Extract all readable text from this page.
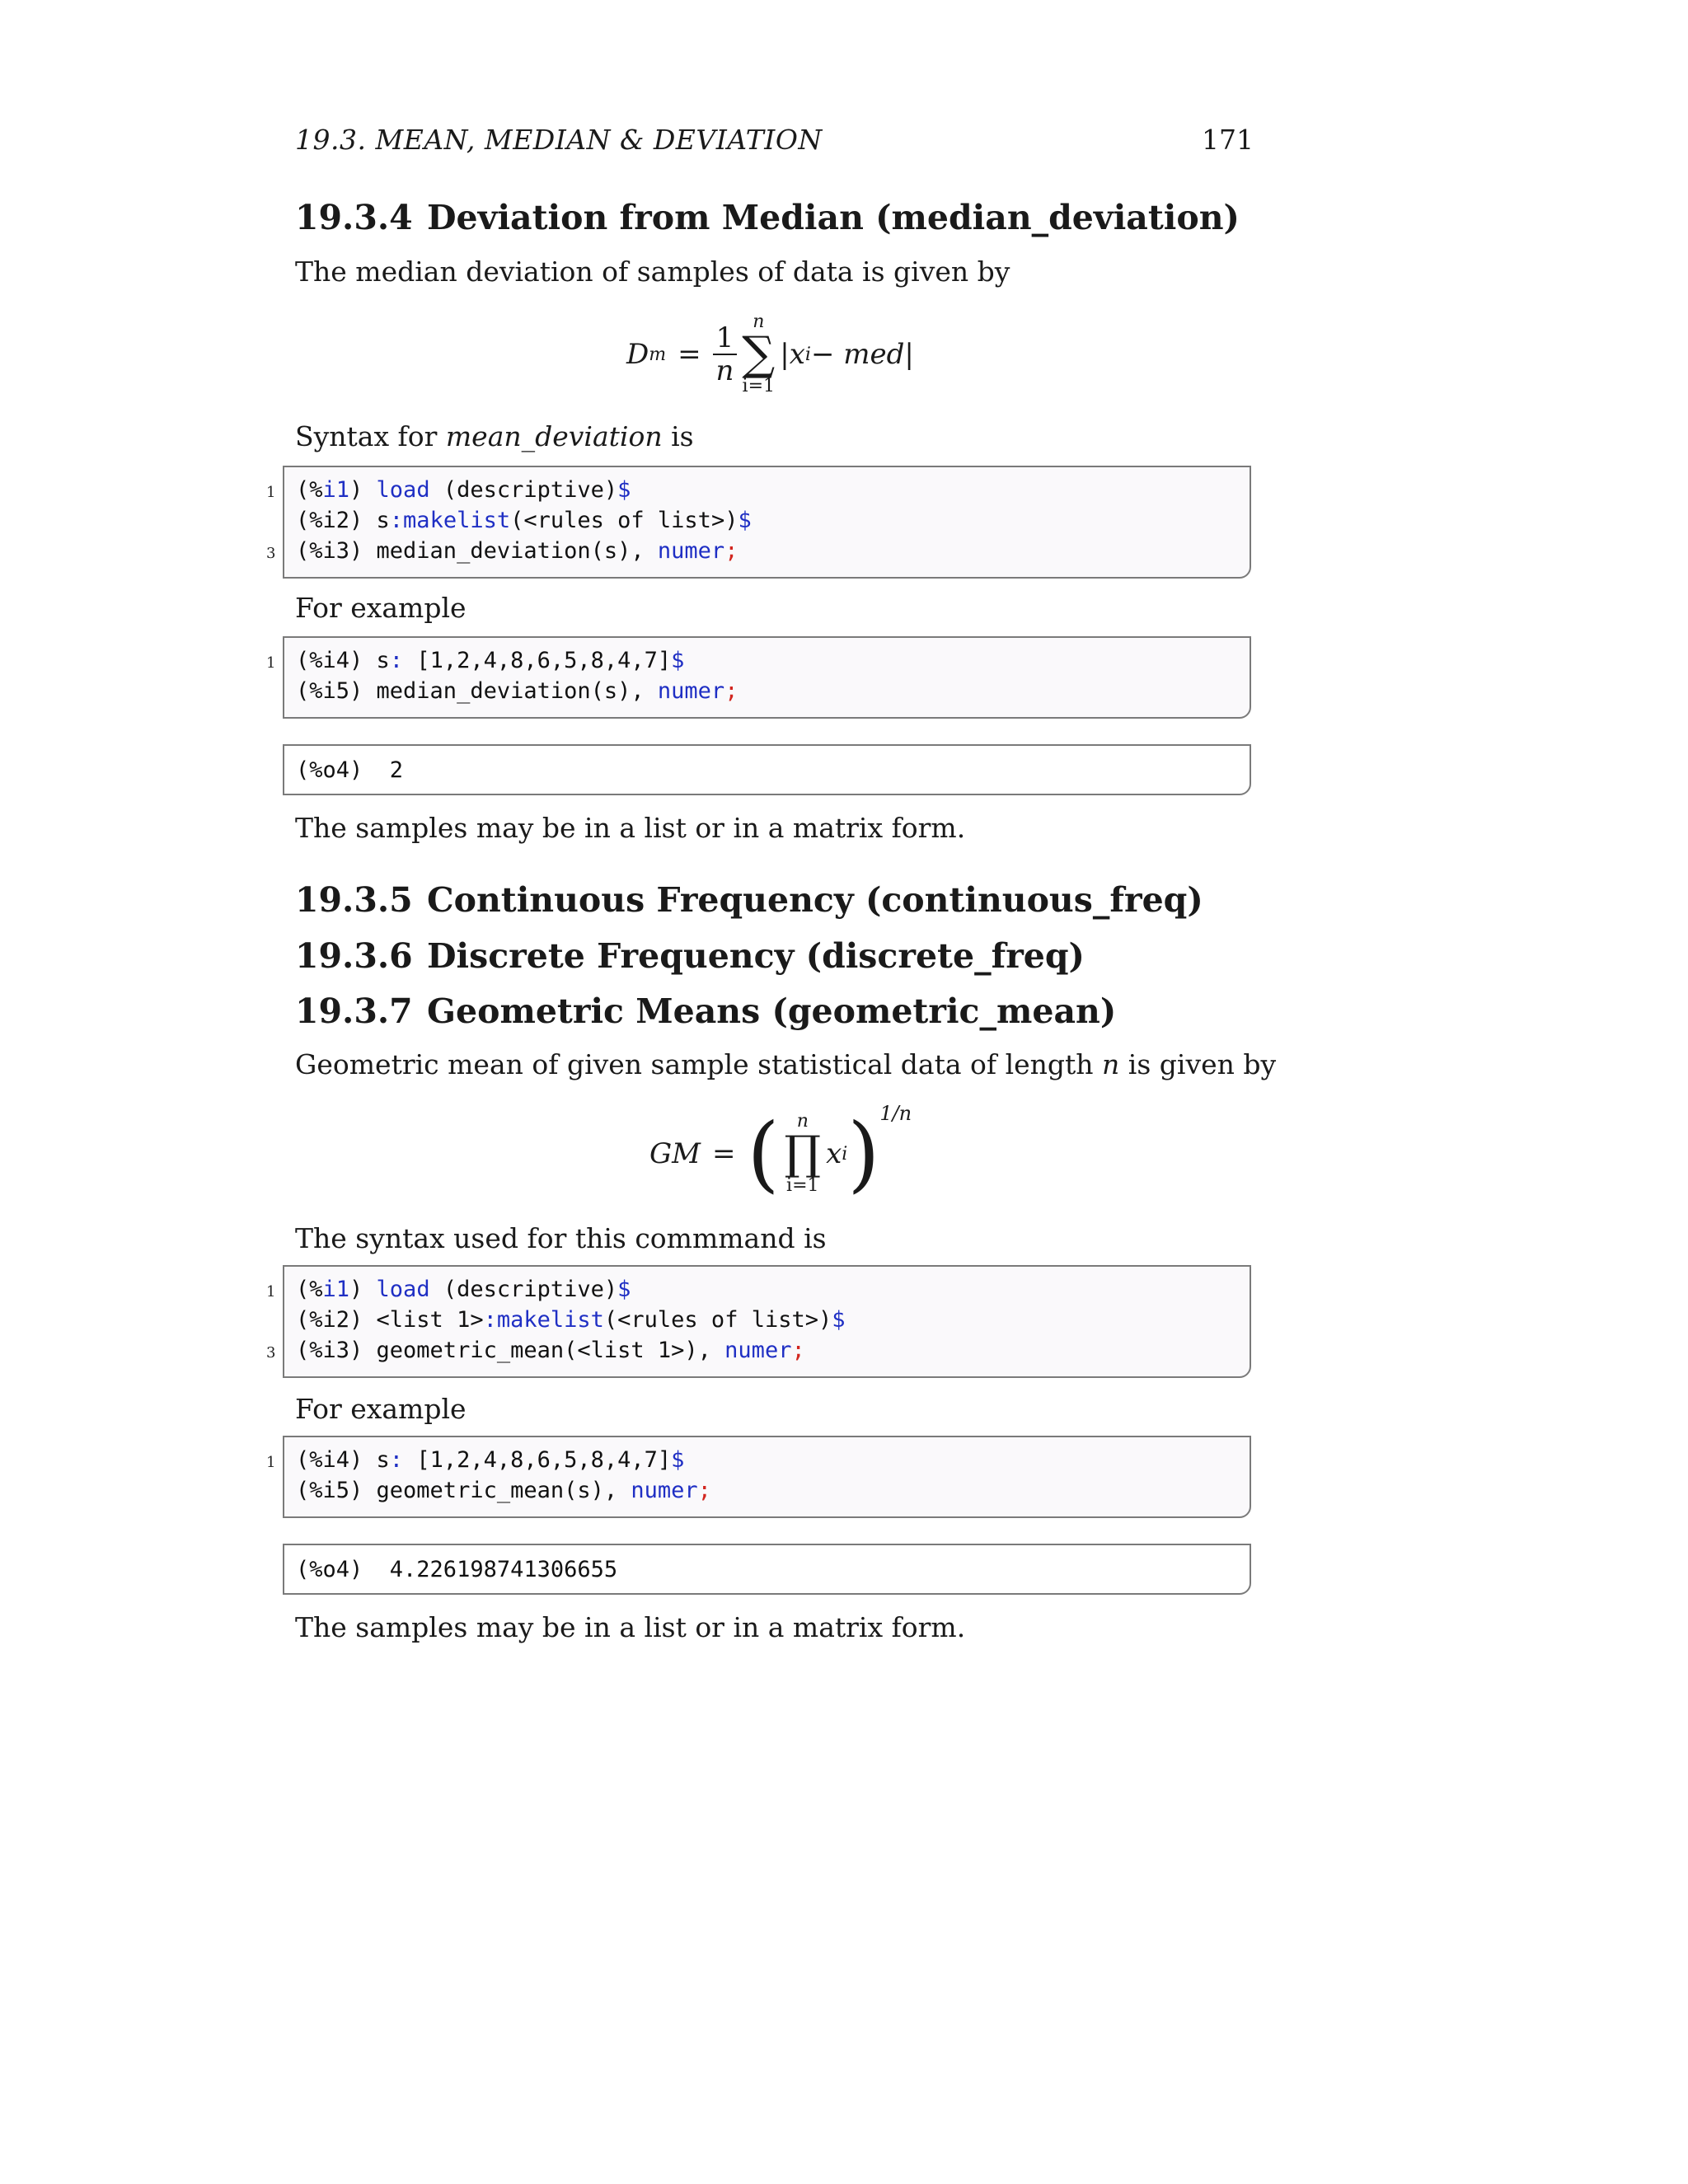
19.3. MEAN, MEDIAN & DEVIATION	171
19.3.4 Deviation from Median (median_deviation)
The median deviation of samples of data is given by
D $m = \frac{1}{n}$
n
∑
i=1
|x i − med|
Syntax for mean_deviation is
1
3
(%i1) load (descriptive)$
(%i2) s:makelist(<rules of list>)$
(%i3) median_deviation(s), numer;
For example
1 (%i4) s: [1,2,4,8,6,5,8,4,7]$
(%i5) median_deviation(s), numer;
(%o4)  2
The samples may be in a list or in a matrix form.
19.3.5 Continuous Frequency (continuous_freq)
19.3.6 Discrete Frequency (discrete_freq)
19.3.7 Geometric Means (geometric_mean)
Geometric mean of given sample statistical data of length n is given by
GM = ( n
∏
i=1
x i ) 1/n
The syntax used for this commmand is
1
3
(%i1) load (descriptive)$
(%i2) <list 1>:makelist(<rules of list>)$
(%i3) geometric_mean(<list 1>), numer;
For example
1 (%i4) s: [1,2,4,8,6,5,8,4,7]$
(%i5) geometric_mean(s), numer;
(%o4)  4.226198741306655
The samples may be in a list or in a matrix form.
